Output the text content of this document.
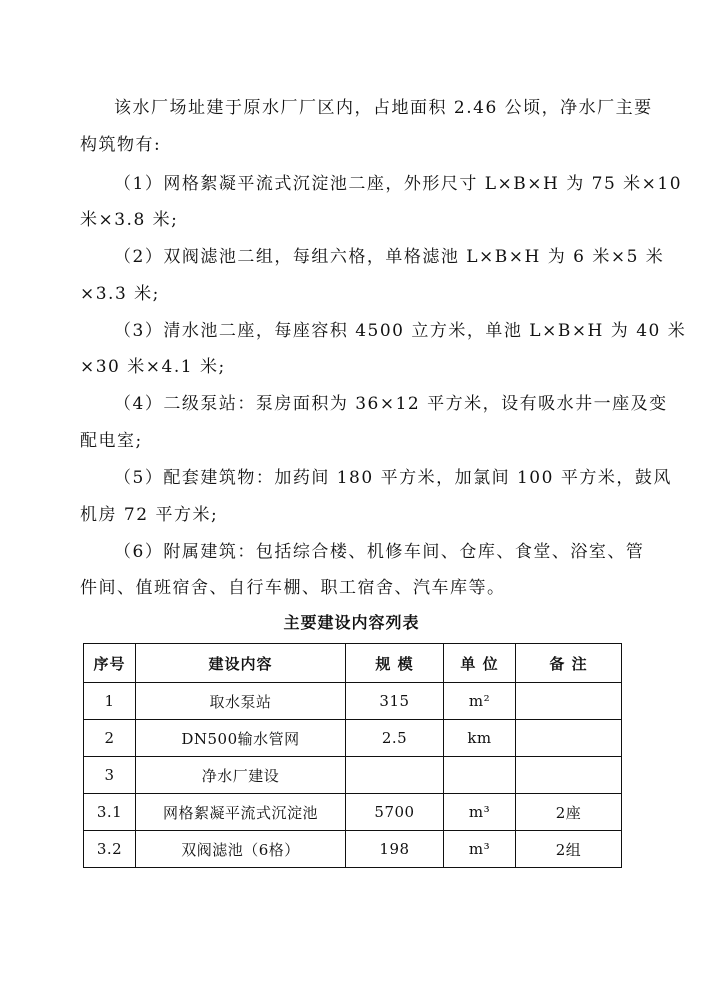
该水厂场址建于原水厂厂区内，占地面积 2.46 公顷，净水厂主要
构筑物有:
（1）网格絮凝平流式沉淀池二座，外形尺寸 L×B×H 为 75 米×10
米×3.8 米;
（2）双阀滤池二组，每组六格，单格滤池 L×B×H 为 6 米×5 米
×3.3 米;
（3）清水池二座，每座容积 4500 立方米，单池 L×B×H 为 40 米
×30 米×4.1 米;
（4）二级泵站：泵房面积为 36×12 平方米，设有吸水井一座及变
配电室;
（5）配套建筑物：加药间 180 平方米，加氯间 100 平方米，鼓风
机房 72 平方米;
（6）附属建筑：包括综合楼、机修车间、仓库、食堂、浴室、管
件间、值班宿舍、自行车棚、职工宿舍、汽车库等。
主要建设内容列表
序号	建设内容	规 模	单 位	备 注
1	取水泵站	315	m²	
2	DN500输水管网	2.5	km	
3	净水厂建设			
3.1	网格絮凝平流式沉淀池	5700	m³	2座
3.2	双阀滤池（6格）	198	m³	2组
